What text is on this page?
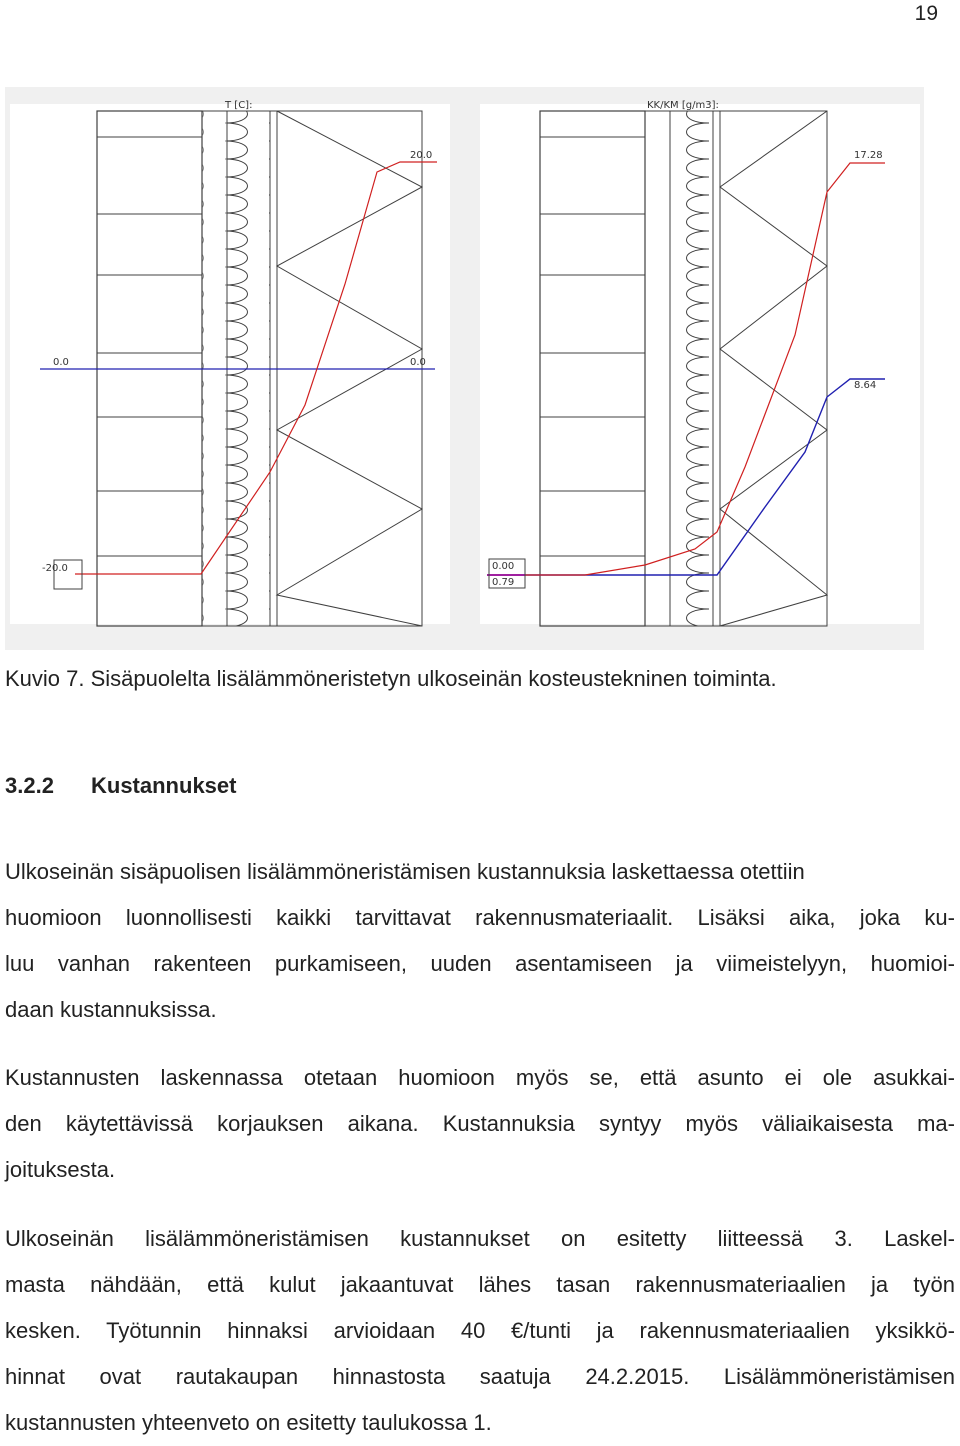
19
T [C]:
20.0
0.0	0.0
-20.0
KK/KM [g/m3]:
17.28
8.64
0.00
0.79
Kuvio 7. Sisäpuolelta lisälämmöneristetyn ulkoseinän kosteustekninen toiminta.
3.2.2 Kustannukset
Ulkoseinän sisäpuolisen lisälämmöneristämisen kustannuksia laskettaessa otettiin
huomioon luonnollisesti kaikki tarvittavat rakennusmateriaalit. Lisäksi aika, joka ku-
luu vanhan rakenteen purkamiseen, uuden asentamiseen ja viimeistelyyn, huomioi-
daan kustannuksissa.
Kustannusten laskennassa otetaan huomioon myös se, että asunto ei ole asukkai-
den käytettävissä korjauksen aikana. Kustannuksia syntyy myös väliaikaisesta ma-
joituksesta.
Ulkoseinän lisälämmöneristämisen kustannukset on esitetty liitteessä 3. Laskel-
masta nähdään, että kulut jakaantuvat lähes tasan rakennusmateriaalien ja työn
kesken. Työtunnin hinnaksi arvioidaan 40 €/tunti ja rakennusmateriaalien yksikkö-
hinnat ovat rautakaupan hinnastosta saatuja 24.2.2015. Lisälämmöneristämisen
kustannusten yhteenveto on esitetty taulukossa 1.
